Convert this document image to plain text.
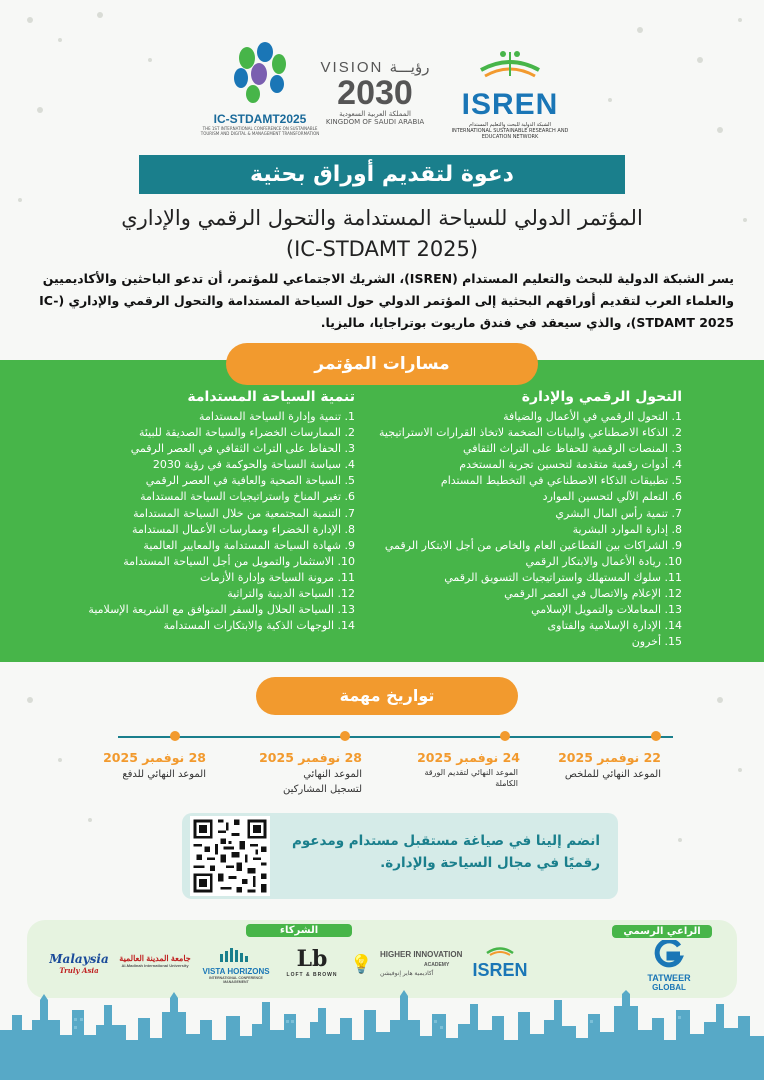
ISREN
الشبكة الدولية للبحث والتعليم المستدام
INTERNATIONAL SUSTAINABLE RESEARCH AND EDUCATION NETWORK
VISION رؤيـــة
2030
المملكة العربية السعودية
KINGDOM OF SAUDI ARABIA
IC-STDAMT2025
THE 1ST INTERNATIONAL CONFERENCE ON SUSTAINABLE TOURISM AND DIGITAL & MANAGEMENT TRANSFORMATION
دعوة لتقديم أوراق بحثية
المؤتمر الدولي للسياحة المستدامة والتحول الرقمي والإداري
(IC-STDAMT 2025)
يسر الشبكة الدولية للبحث والتعليم المستدام (ISREN)، الشريك الاجتماعي للمؤتمر، أن تدعو الباحثين والأكاديميين والعلماء العرب لتقديم أوراقهم البحثية إلى المؤتمر الدولي حول السياحة المستدامة والتحول الرقمي والإداري (IC-STDAMT 2025)، والذي سيعقد في فندق ماريوت بوتراجايا، ماليزيا.
مسارات المؤتمر
التحول الرقمي والإدارة
1. التحول الرقمي في الأعمال والضيافة
2. الذكاء الاصطناعي والبيانات الضخمة لاتخاذ القرارات الاستراتيجية
3. المنصات الرقمية للحفاظ على التراث الثقافي
4. أدوات رقمية متقدمة لتحسين تجربة المستخدم
5. تطبيقات الذكاء الاصطناعي في التخطيط المستدام
6. التعلم الآلي لتحسين الموارد
7. تنمية رأس المال البشري
8. إدارة الموارد البشرية
9. الشراكات بين القطاعين العام والخاص من أجل الابتكار الرقمي
10. ريادة الأعمال والابتكار الرقمي
11. سلوك المستهلك واستراتيجيات التسويق الرقمي
12. الإعلام والاتصال في العصر الرقمي
13. المعاملات والتمويل الإسلامي
14. الإدارة الإسلامية والفتاوى
15. أخرون
تنمية السياحة المستدامة
1. تنمية وإدارة السياحة المستدامة
2. الممارسات الخضراء والسياحة الصديقة للبيئة
3. الحفاظ على التراث الثقافي في العصر الرقمي
4. سياسة السياحة والحوكمة في رؤية 2030
5. السياحة الصحية والعافية في العصر الرقمي
6. تغير المناخ واستراتيجيات السياحة المستدامة
7. التنمية المجتمعية من خلال السياحة المستدامة
8. الإدارة الخضراء وممارسات الأعمال المستدامة
9. شهادة السياحة المستدامة والمعايير العالمية
10. الاستثمار والتمويل من أجل السياحة المستدامة
11. مرونة السياحة وإدارة الأزمات
12. السياحة الدينية والتراثية
13. السياحة الحلال والسفر المتوافق مع الشريعة الإسلامية
14. الوجهات الذكية والابتكارات المستدامة
تواريخ مهمة
22 نوفمبر 2025
الموعد النهائي للملخص
24 نوفمبر 2025
الموعد النهائي لتقديم الورقة الكاملة
28 نوفمبر 2025
الموعد النهائي لتسجيل المشاركين
28 نوفمبر 2025
الموعد النهائي للدفع
انضم إلينا في صياغة مستقبل مستدام ومدعوم رقميًا في مجال السياحة والإدارة.
الراعي الرسمي
الشركاء
TATWEER
GLOBAL
ISREN
💡 HIGHER INNOVATION
ACADEMY
أكاديمية هاير إنوفيشن
Lb
LOFT & BROWN
VISTA HORIZONS
INTERNATIONAL CONFERENCE MANAGEMENT
جامعة المدينة العالمية
Al-Madinah International University
Malaysia
Truly Asia
